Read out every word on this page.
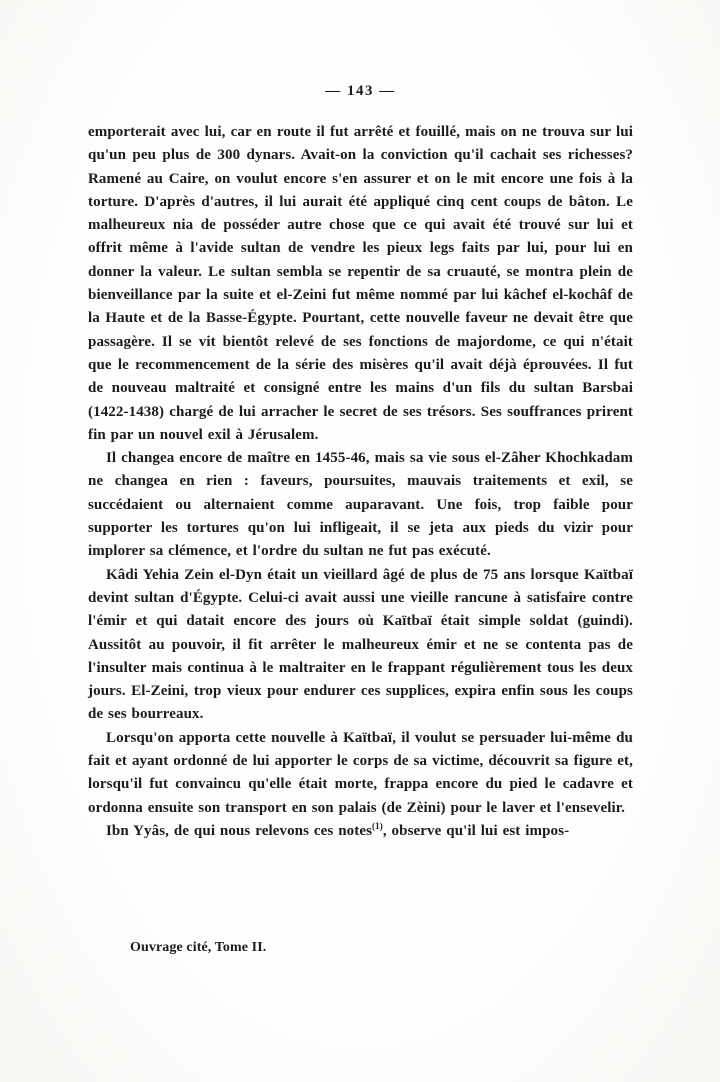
— 143 —

emporterait avec lui, car en route il fut arrêté et fouillé, mais on ne trouva sur lui qu'un peu plus de 300 dynars. Avait-on la conviction qu'il cachait ses richesses? Ramené au Caire, on voulut encore s'en assurer et on le mit encore une fois à la torture. D'après d'autres, il lui aurait été appliqué cinq cent coups de bâton. Le malheureux nia de posséder autre chose que ce qui avait été trouvé sur lui et offrit même à l'avide sultan de vendre les pieux legs faits par lui, pour lui en donner la valeur. Le sultan sembla se repentir de sa cruauté, se montra plein de bienveillance par la suite et el-Zeini fut même nommé par lui kâchef el-kochâf de la Haute et de la Basse-Égypte. Pourtant, cette nouvelle faveur ne devait être que passagère. Il se vit bientôt relevé de ses fonctions de majordome, ce qui n'était que le recommencement de la série des misères qu'il avait déjà éprouvées. Il fut de nouveau maltraité et consigné entre les mains d'un fils du sultan Barsbai (1422-1438) chargé de lui arracher le secret de ses trésors. Ses souffrances prirent fin par un nouvel exil à Jérusalem.

Il changea encore de maître en 1455-46, mais sa vie sous el-Zâher Khochkadam ne changea en rien : faveurs, poursuites, mauvais traitements et exil, se succédaient ou alternaient comme auparavant. Une fois, trop faible pour supporter les tortures qu'on lui infligeait, il se jeta aux pieds du vizir pour implorer sa clémence, et l'ordre du sultan ne fut pas exécuté.

Kâdi Yehia Zein el-Dyn était un vieillard âgé de plus de 75 ans lorsque Kaïtbaï devint sultan d'Égypte. Celui-ci avait aussi une vieille rancune à satisfaire contre l'émir et qui datait encore des jours où Kaïtbaï était simple soldat (guindi). Aussitôt au pouvoir, il fit arrêter le malheureux émir et ne se contenta pas de l'insulter mais continua à le maltraiter en le frappant régulièrement tous les deux jours. El-Zeini, trop vieux pour endurer ces supplices, expira enfin sous les coups de ses bourreaux.

Lorsqu'on apporta cette nouvelle à Kaïtbaï, il voulut se persuader lui-même du fait et ayant ordonné de lui apporter le corps de sa victime, découvrit sa figure et, lorsqu'il fut convaincu qu'elle était morte, frappa encore du pied le cadavre et ordonna ensuite son transport en son palais (de Zèini) pour le laver et l'ensevelir.

Ibn Yyâs, de qui nous relevons ces notes$^{(1)}$, observe qu'il lui est impos-

Ouvrage cité, Tome II.
